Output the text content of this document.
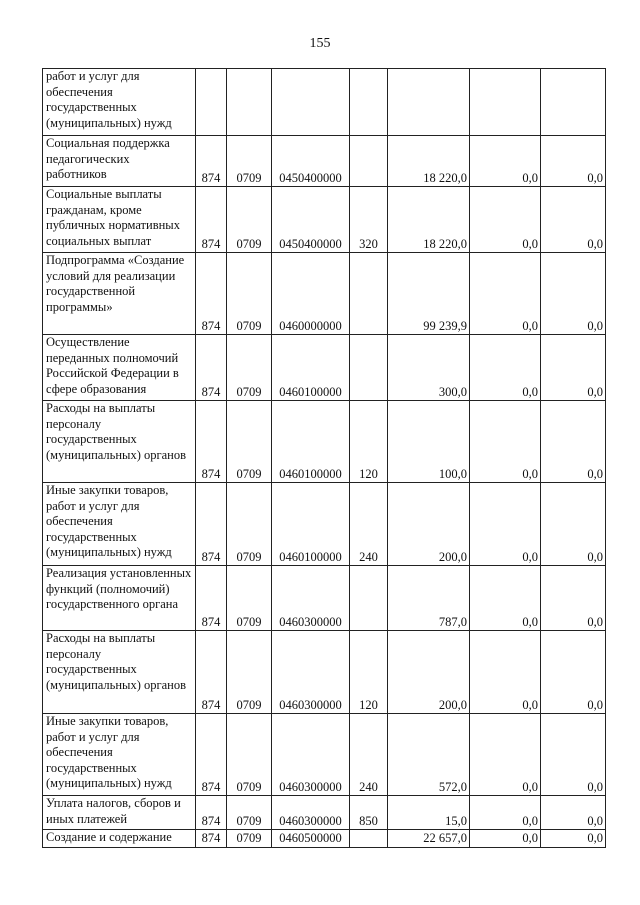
155
работ и услуг для обеспечения государственных (муниципальных) нужд							
Социальная поддержка педагогических работников	874	0709	0450400000		18 220,0	0,0	0,0
Социальные выплаты гражданам, кроме публичных нормативных социальных выплат	874	0709	0450400000	320	18 220,0	0,0	0,0
Подпрограмма «Создание условий для реализации государственной программы»	874	0709	0460000000		99 239,9	0,0	0,0
Осуществление переданных полномочий Российской Федерации в сфере образования	874	0709	0460100000		300,0	0,0	0,0
Расходы на выплаты персоналу государственных (муниципальных) органов	874	0709	0460100000	120	100,0	0,0	0,0
Иные закупки товаров, работ и услуг для обеспечения государственных (муниципальных) нужд	874	0709	0460100000	240	200,0	0,0	0,0
Реализация установленных функций (полномочий) государственного органа	874	0709	0460300000		787,0	0,0	0,0
Расходы на выплаты персоналу государственных (муниципальных) органов	874	0709	0460300000	120	200,0	0,0	0,0
Иные закупки товаров, работ и услуг для обеспечения государственных (муниципальных) нужд	874	0709	0460300000	240	572,0	0,0	0,0
Уплата налогов, сборов и иных платежей	874	0709	0460300000	850	15,0	0,0	0,0
Создание и содержание	874	0709	0460500000		22 657,0	0,0	0,0
